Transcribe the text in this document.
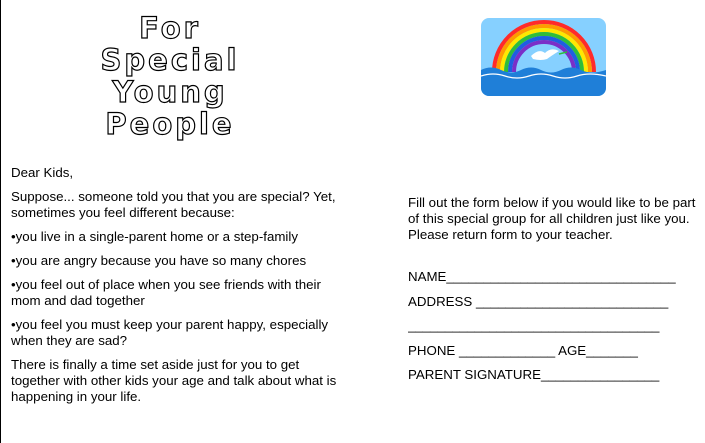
For
Special
Young
People

Dear Kids,

Suppose... someone told you that you are special? Yet, sometimes you feel different because:

•you live in a single-parent home or a step-family

•you are angry because you have so many chores

•you feel out of place when you see friends with their mom and dad together

•you feel you must keep your parent happy, especially when they are sad?

There is finally a time set aside just for you to get together with other kids your age and talk about what is happening in your life.

Fill out the form below if you would like to be part of this special group for all children just like you. Please return form to your teacher.

NAME_______________________________
ADDRESS __________________________
__________________________________
PHONE _____________ AGE_______
PARENT SIGNATURE________________
